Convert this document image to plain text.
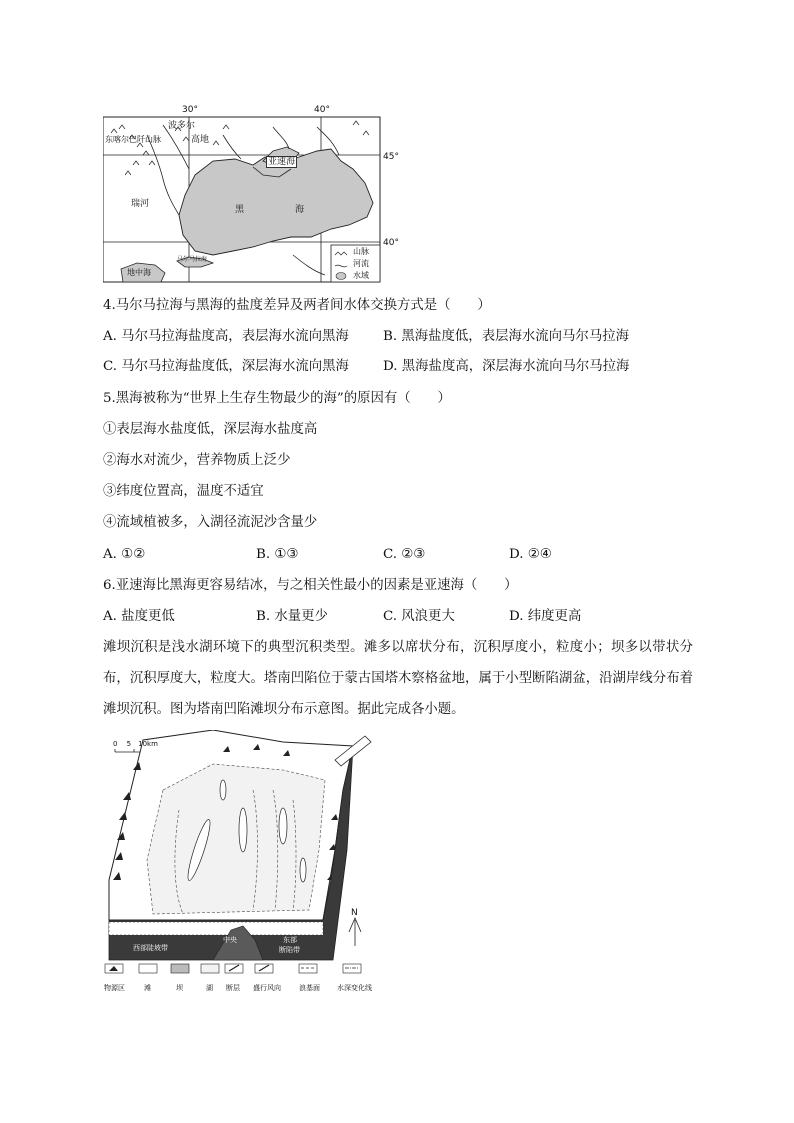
30°	40°
45°
40°
亚速海
黑	海
地中海
马尔马拉海
波多尔
东喀尔巴阡山脉	高地
瑞河
山脉
河流
水域
4.马尔马拉海与黑海的盐度差异及两者间水体交换方式是（　　）
A. 马尔马拉海盐度高，表层海水流向黑海	B. 黑海盐度低，表层海水流向马尔马拉海
C. 马尔马拉海盐度低，深层海水流向黑海	D. 黑海盐度高，深层海水流向马尔马拉海
5.黑海被称为“世界上生存生物最少的海”的原因有（　　）
①表层海水盐度低，深层海水盐度高
②海水对流少，营养物质上泛少
③纬度位置高，温度不适宜
④流域植被多，入湖径流泥沙含量少
A. ①②	B. ①③	C. ②③	D. ②④
6.亚速海比黑海更容易结冰，与之相关性最小的因素是亚速海（　　）
A. 盐度更低	B. 水量更少	C. 风浪更大	D. 纬度更高
滩坝沉积是浅水湖环境下的典型沉积类型。滩多以席状分布，沉积厚度小，粒度小；坝多以带状分布，沉积厚度大，粒度大。塔南凹陷位于蒙古国塔木察格盆地，属于小型断陷湖盆，沿湖岸线分布着滩坝沉积。图为塔南凹陷滩坝分布示意图。据此完成各小题。
0　 5　10km
N
西部陡坡带
中央	东部
断陷带
物源区	滩	坝	湖 断层 盛行风向	浪基面 水深变化线
